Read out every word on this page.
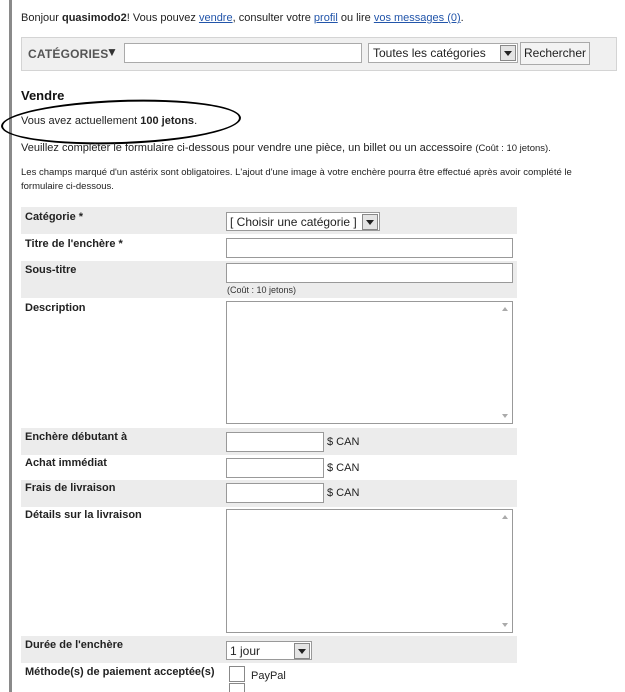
Bonjour quasimodo2! Vous pouvez vendre, consulter votre profil ou lire vos messages (0).
CATÉGORIES
▼	Toutes les catégories	Rechercher
Vendre
Vous avez actuellement 100 jetons.
Veuillez compléter le formulaire ci-dessous pour vendre une pièce, un billet ou un accessoire (Coût : 10 jetons).
Les champs marqué d'un astérix sont obligatoires. L'ajout d'une image à votre enchère pourra être effectué après avoir complété le formulaire ci-dessous.
Catégorie *	[ Choisir une catégorie ]
Titre de l'enchère *
Sous-titre
(Coût : 10 jetons)
Description
Enchère débutant à	$ CAN
Achat immédiat	$ CAN
Frais de livraison	$ CAN
Détails sur la livraison
Durée de l'enchère	1 jour
Méthode(s) de paiement acceptée(s)	PayPal
